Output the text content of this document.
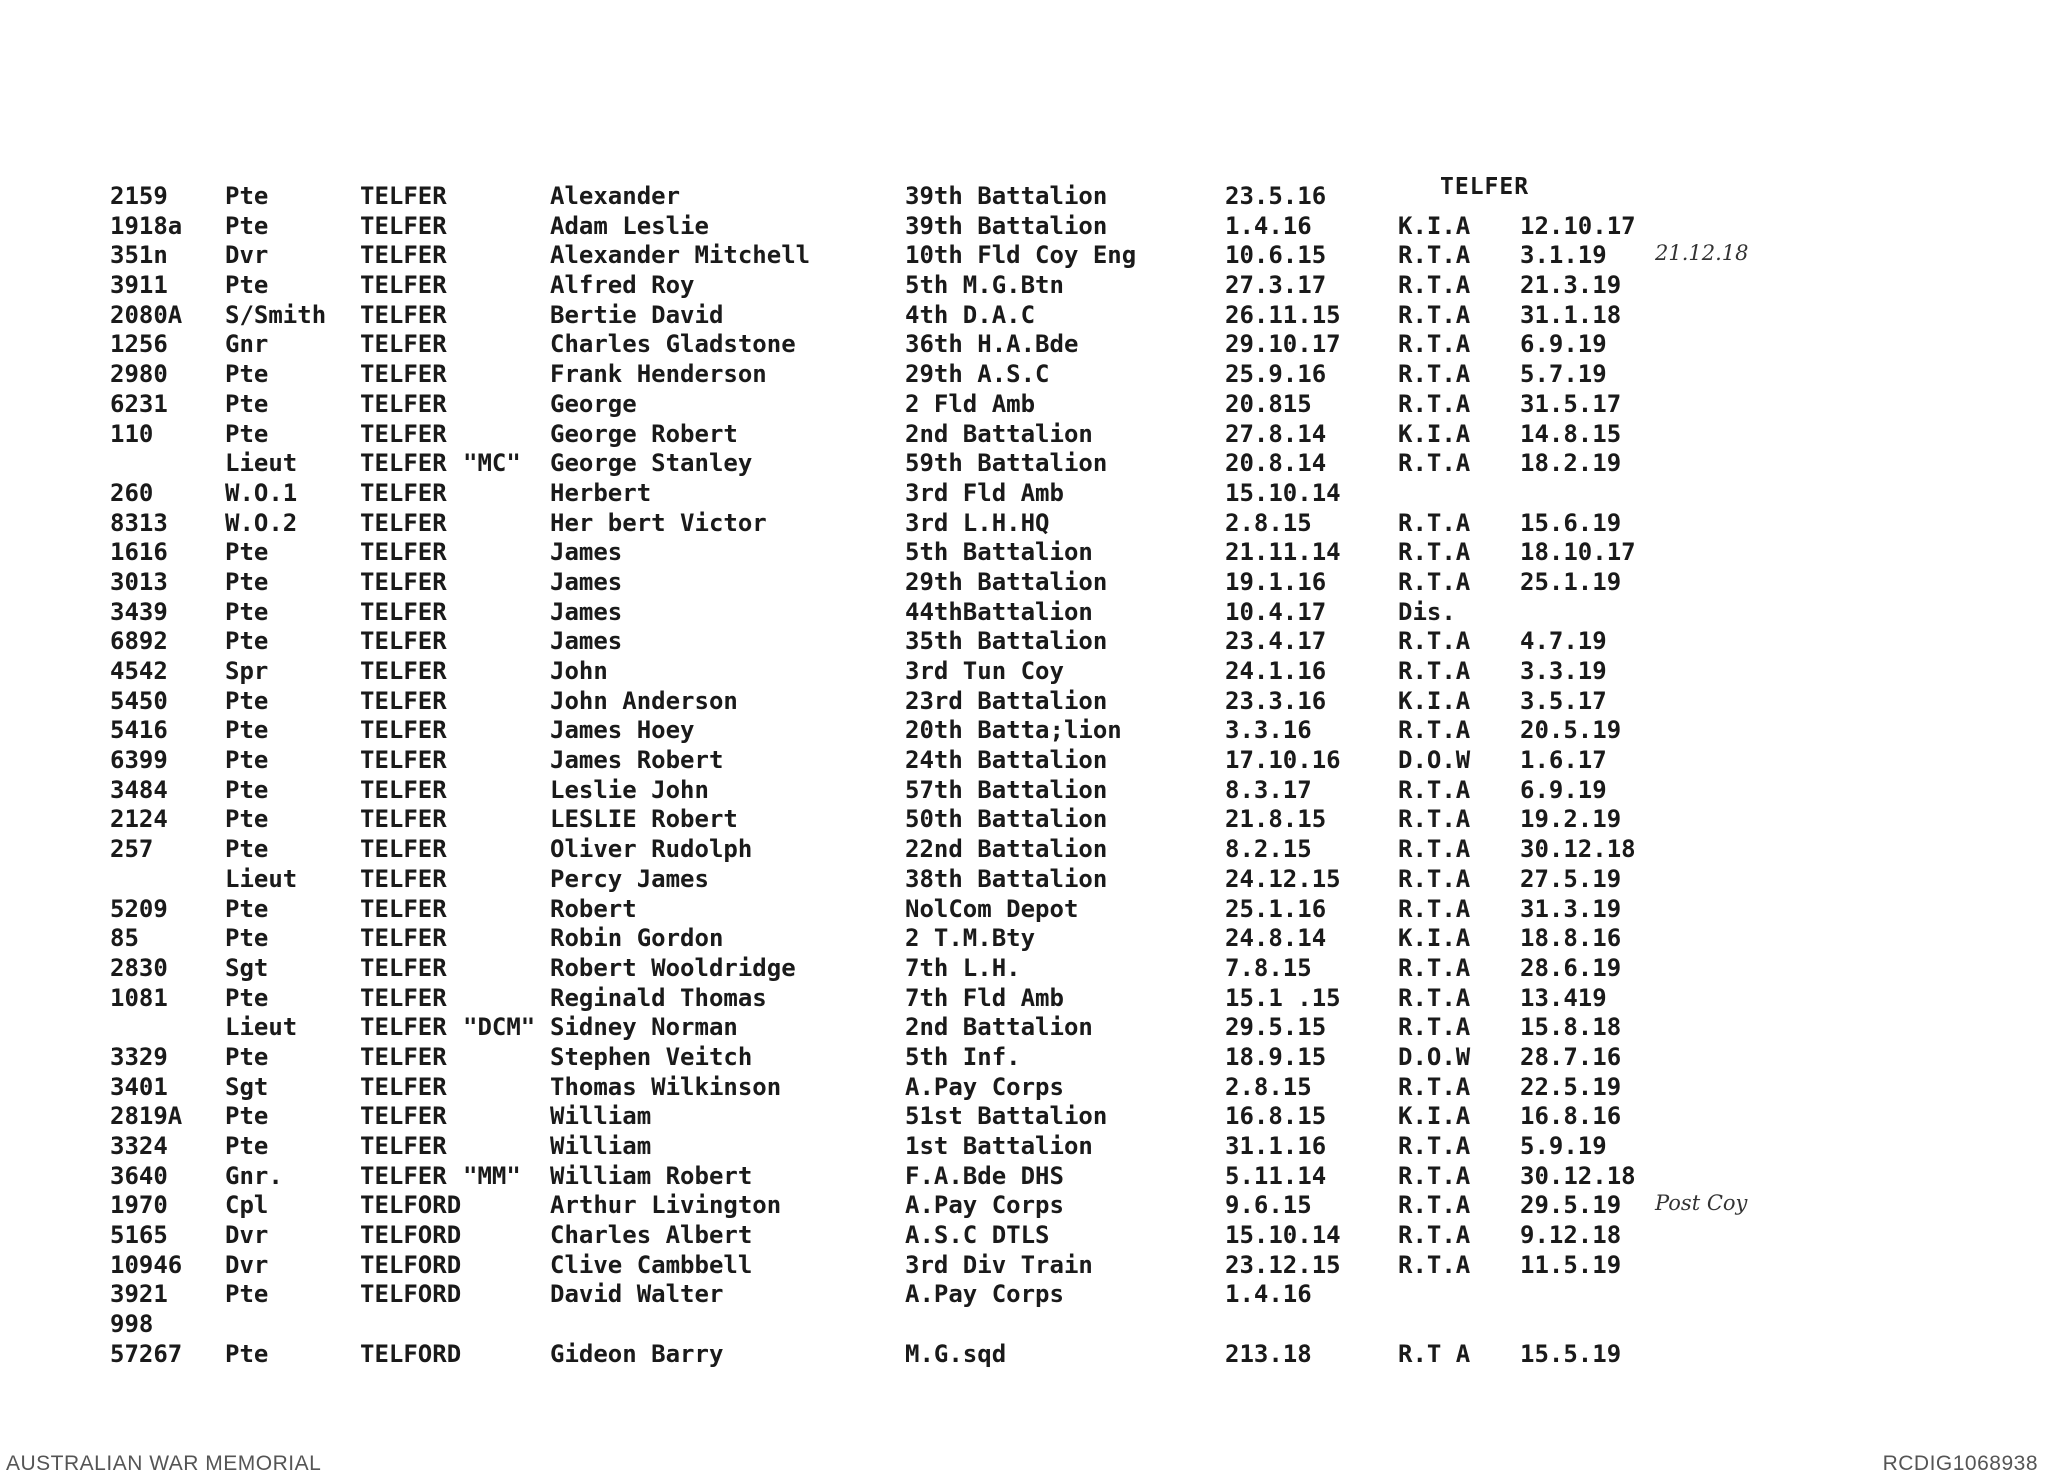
TELFER
2159 Pte	TELFER	Alexander	39th Battalion	23.5.16
1918a Pte	TELFER	Adam Leslie	39th Battalion	1.4.16	K.I.A 12.10.17
351n Dvr	TELFER	Alexander Mitchell	10th Fld Coy Eng	10.6.15	R.T.A 3.1.19 21.12.18
3911 Pte	TELFER	Alfred Roy	5th M.G.Btn	27.3.17	R.T.A 21.3.19
2080A S/Smith TELFER	Bertie David	4th D.A.C	26.11.15 R.T.A 31.1.18
1256 Gnr	TELFER	Charles Gladstone	36th H.A.Bde	29.10.17 R.T.A 6.9.19
2980 Pte	TELFER	Frank Henderson	29th A.S.C	25.9.16	R.T.A 5.7.19
6231 Pte	TELFER	George	2 Fld Amb	20.815	R.T.A 31.5.17
110	Pte	TELFER	George Robert	2nd Battalion	27.8.14	K.I.A 14.8.15
Lieut	TELFER "MC" George Stanley	59th Battalion	20.8.14	R.T.A 18.2.19
260	W.O.1	TELFER	Herbert	3rd Fld Amb	15.10.14
8313 W.O.2	TELFER	Her bert Victor	3rd L.H.HQ	2.8.15	R.T.A 15.6.19
1616 Pte	TELFER	James	5th Battalion	21.11.14 R.T.A 18.10.17
3013 Pte	TELFER	James	29th Battalion	19.1.16	R.T.A 25.1.19
3439 Pte	TELFER	James	44thBattalion	10.4.17	Dis.
6892 Pte	TELFER	James	35th Battalion	23.4.17	R.T.A 4.7.19
4542 Spr	TELFER	John	3rd Tun Coy	24.1.16	R.T.A 3.3.19
5450 Pte	TELFER	John Anderson	23rd Battalion	23.3.16	K.I.A 3.5.17
5416 Pte	TELFER	James Hoey	20th Batta;lion	3.3.16	R.T.A 20.5.19
6399 Pte	TELFER	James Robert	24th Battalion	17.10.16 D.O.W 1.6.17
3484 Pte	TELFER	Leslie John	57th Battalion	8.3.17	R.T.A 6.9.19
2124 Pte	TELFER	LESLIE Robert	50th Battalion	21.8.15	R.T.A 19.2.19
257	Pte	TELFER	Oliver Rudolph	22nd Battalion	8.2.15	R.T.A 30.12.18
Lieut	TELFER	Percy James	38th Battalion	24.12.15 R.T.A 27.5.19
5209 Pte	TELFER	Robert	NolCom Depot	25.1.16	R.T.A 31.3.19
85	Pte	TELFER	Robin Gordon	2 T.M.Bty	24.8.14	K.I.A 18.8.16
2830 Sgt	TELFER	Robert Wooldridge	7th L.H.	7.8.15	R.T.A 28.6.19
1081 Pte	TELFER	Reginald Thomas	7th Fld Amb	15.1 .15 R.T.A 13.419
Lieut	TELFER "DCM" Sidney Norman	2nd Battalion	29.5.15	R.T.A 15.8.18
3329 Pte	TELFER	Stephen Veitch	5th Inf.	18.9.15	D.O.W 28.7.16
3401 Sgt	TELFER	Thomas Wilkinson	A.Pay Corps	2.8.15	R.T.A 22.5.19
2819A Pte	TELFER	William	51st Battalion	16.8.15	K.I.A 16.8.16
3324 Pte	TELFER	William	1st Battalion	31.1.16	R.T.A 5.9.19
3640 Gnr.	TELFER "MM" William Robert	F.A.Bde DHS	5.11.14	R.T.A 30.12.18
1970 Cpl	TELFORD	Arthur Livington	A.Pay Corps	9.6.15	R.T.A 29.5.19 Post Coy
5165 Dvr	TELFORD	Charles Albert	A.S.C DTLS	15.10.14 R.T.A 9.12.18
10946 Dvr	TELFORD	Clive Cambbell	3rd Div Train	23.12.15 R.T.A 11.5.19
3921 Pte	TELFORD	David Walter	A.Pay Corps	1.4.16
998
57267 Pte	TELFORD	Gideon Barry	M.G.sqd	213.18	R.T A 15.5.19
AUSTRALIAN WAR MEMORIAL	RCDIG1068938
